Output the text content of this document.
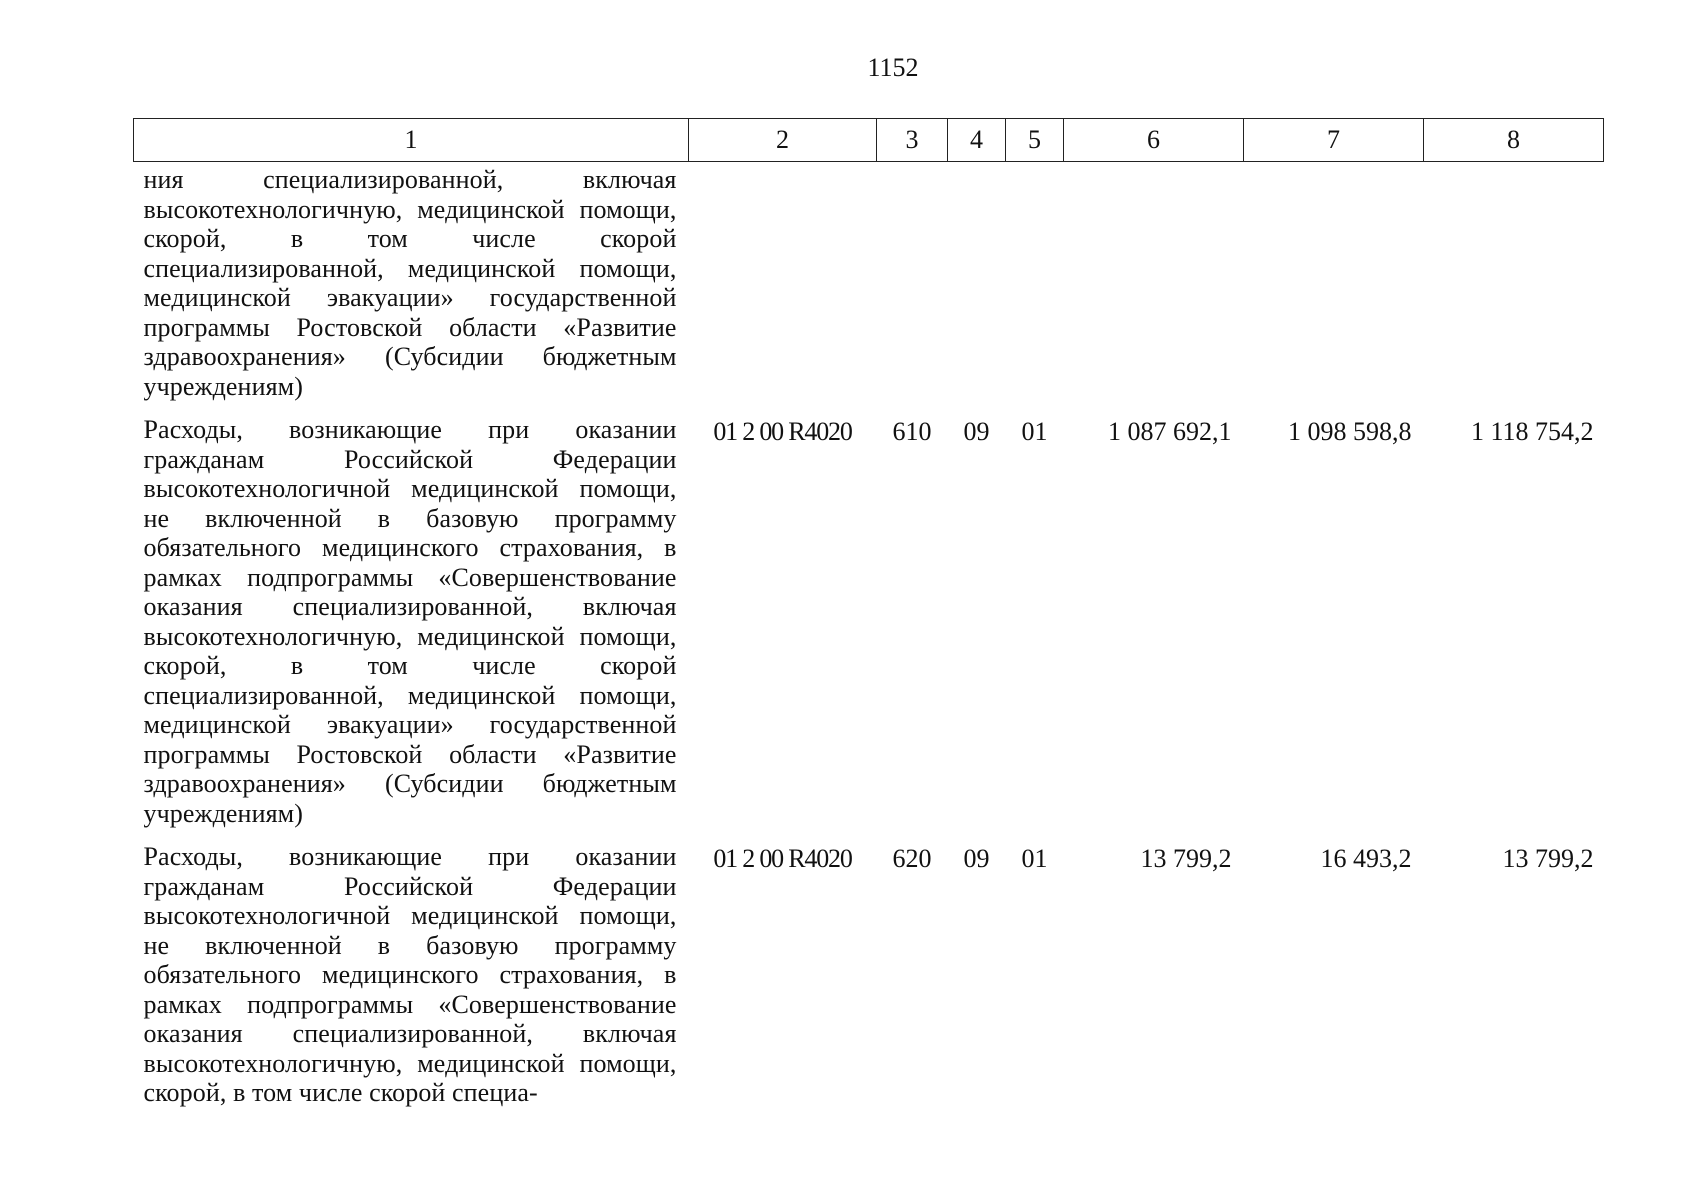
1152
1	2	3	4	5	6	7	8
ния специализированной, включая высокотехнологичную, медицинской помощи, скорой, в том числе скорой специализированной, медицинской помощи, медицинской эвакуации» государственной программы Ростовской области «Развитие здравоохранения» (Субсидии бюджетным учреждениям)							
Расходы, возникающие при оказании гражданам Российской Федерации высокотехнологичной медицинской помощи, не включенной в базовую программу обязательного медицинского страхования, в рамках подпрограммы «Совершенствование оказания специализированной, включая высокотехнологичную, медицинской помощи, скорой, в том числе скорой специализированной, медицинской помощи, медицинской эвакуации» государственной программы Ростовской области «Развитие здравоохранения» (Субсидии бюджетным учреждениям)	01 2 00 R4020	610	09	01	1 087 692,1	1 098 598,8	1 118 754,2
Расходы, возникающие при оказании гражданам Российской Федерации высокотехнологичной медицинской помощи, не включенной в базовую программу обязательного медицинского страхования, в рамках подпрограммы «Совершенствование оказания специализированной, включая высокотехнологичную, медицинской помощи, скорой, в том числе скорой специа-	01 2 00 R4020	620	09	01	13 799,2	16 493,2	13 799,2
